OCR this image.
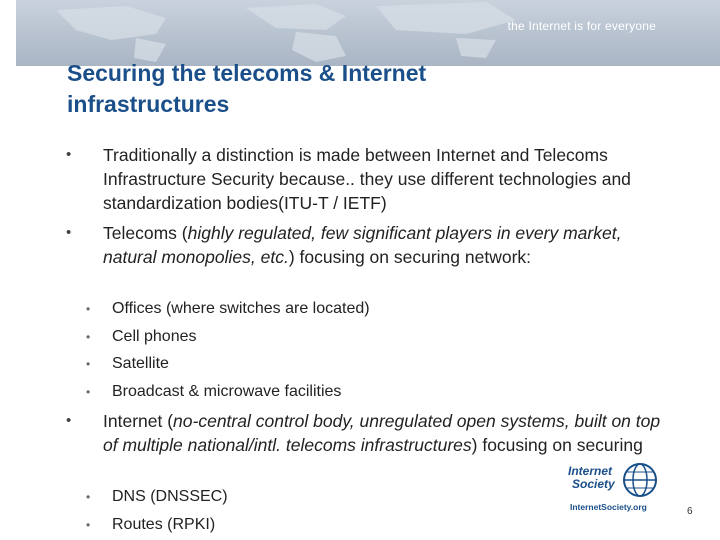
the Internet is for everyone
Securing the telecoms & Internet
infrastructures
• Traditionally a distinction is made between Internet and Telecoms Infrastructure Security because.. they use different technologies and standardization bodies(ITU-T / IETF)
• Telecoms (highly regulated, few significant players in every market, natural monopolies, etc.) focusing on securing network:
• Offices (where switches are located)
• Cell phones
• Satellite
• Broadcast & microwave facilities
• Internet (no-central control body, unregulated open systems, built on top of multiple national/intl. telecoms infrastructures) focusing on securing
• DNS (DNSSEC)
• Routes (RPKI)
Internet
Society
InternetSociety.org	6
